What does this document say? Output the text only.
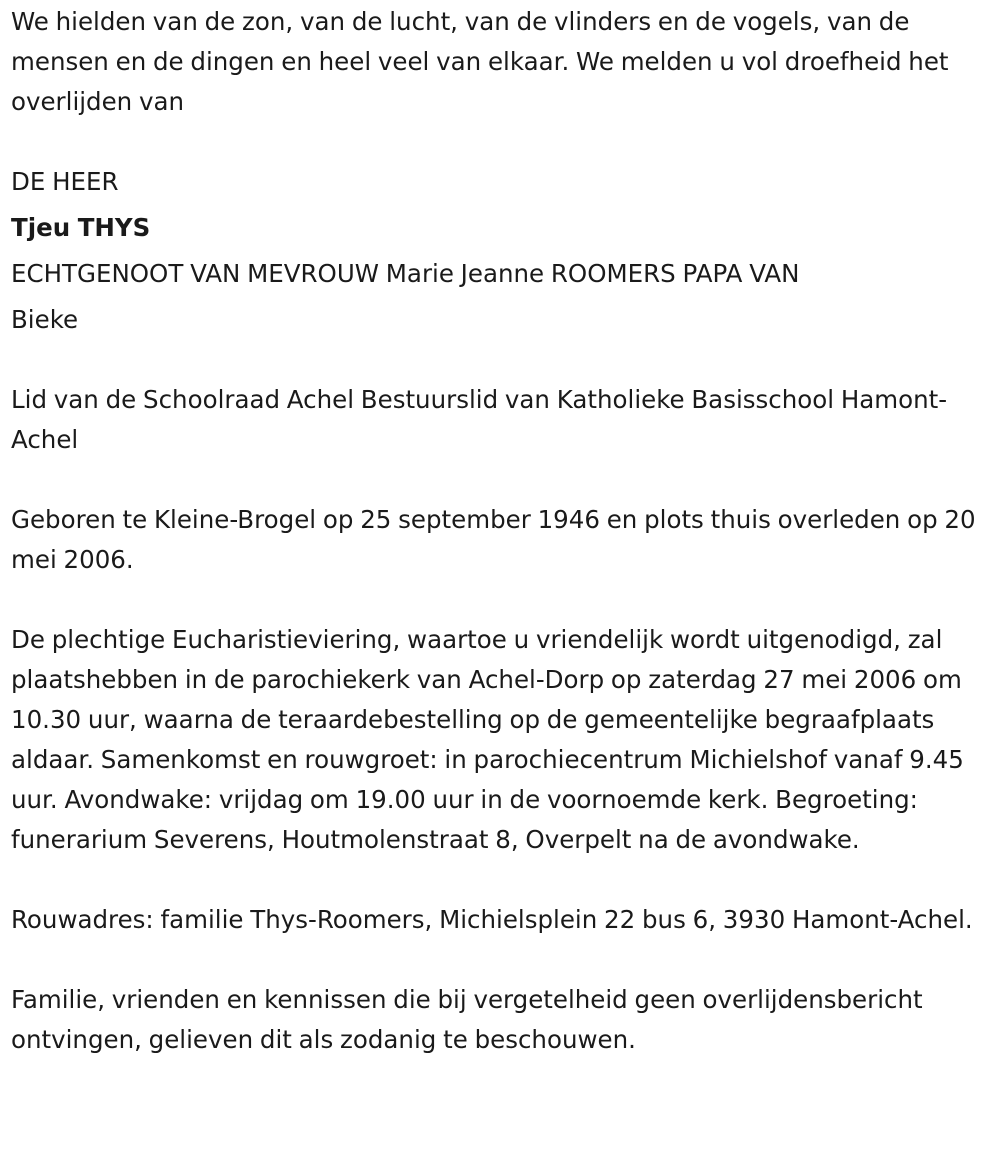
We hielden van de zon, van de lucht, van de vlinders en de vogels, van de mensen en de dingen en heel veel van elkaar. We melden u vol droefheid het overlijden van

DE HEER

Tjeu THYS

ECHTGENOOT VAN MEVROUW Marie Jeanne ROOMERS PAPA VAN

Bieke

Lid van de Schoolraad Achel Bestuurslid van Katholieke Basisschool Hamont-Achel

Geboren te Kleine-Brogel op 25 september 1946 en plots thuis overleden op 20 mei 2006.

De plechtige Eucharistieviering, waartoe u vriendelijk wordt uitgenodigd, zal plaatshebben in de parochiekerk van Achel-Dorp op zaterdag 27 mei 2006 om 10.30 uur, waarna de teraardebestelling op de gemeentelijke begraafplaats aldaar. Samenkomst en rouwgroet: in parochiecentrum Michielshof vanaf 9.45 uur. Avondwake: vrijdag om 19.00 uur in de voornoemde kerk. Begroeting: funerarium Severens, Houtmolenstraat 8, Overpelt na de avondwake.

Rouwadres: familie Thys-Roomers, Michielsplein 22 bus 6, 3930 Hamont-Achel.

Familie, vrienden en kennissen die bij vergetelheid geen overlijdensbericht ontvingen, gelieven dit als zodanig te beschouwen.
